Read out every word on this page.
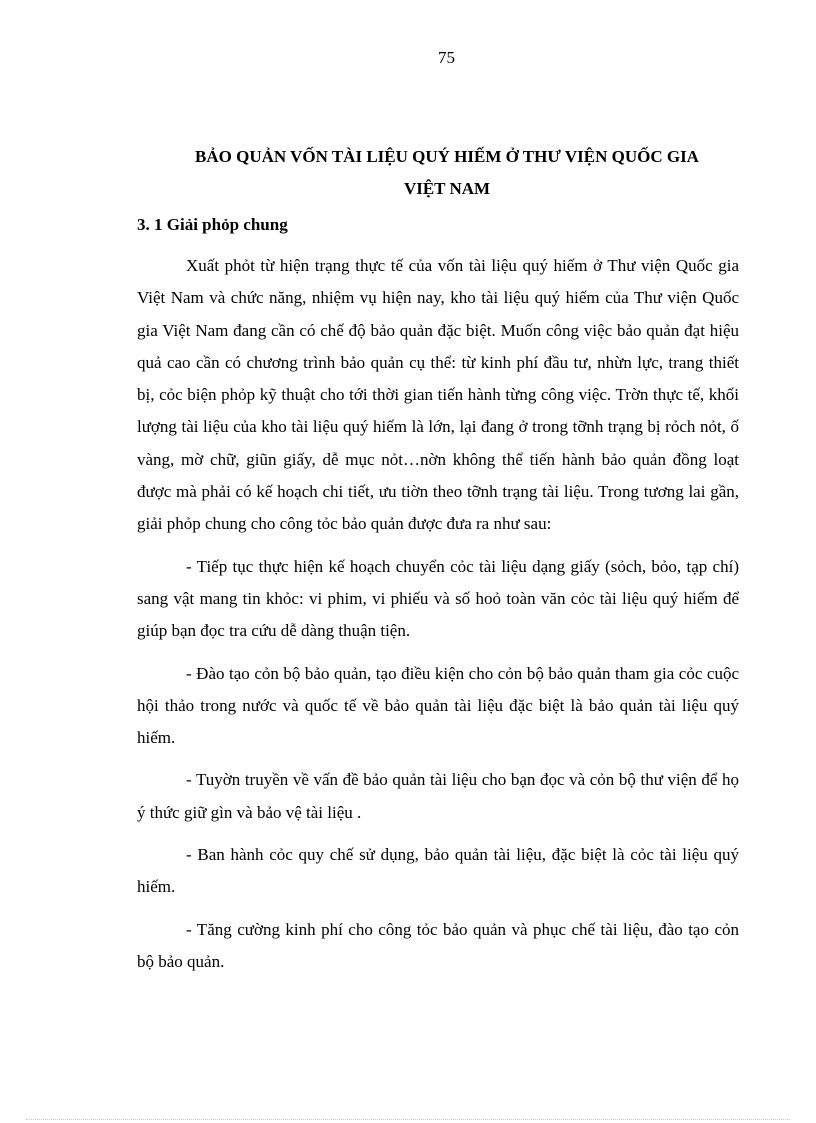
75
BẢO QUẢN VỐN TÀI LIỆU QUÝ HIẾM Ở THƯ VIỆN QUỐC GIA
VIỆT NAM
3. 1 Giải phỏp chung

Xuất phỏt từ hiện trạng thực tế của vốn tài liệu quý hiếm ở Thư viện Quốc gia Việt Nam và chức năng, nhiệm vụ hiện nay, kho tài liệu quý hiếm của Thư viện Quốc gia Việt Nam đang cần có chế độ bảo quản đặc biệt. Muốn công việc bảo quản đạt hiệu quả cao cần có chương trình bảo quản cụ thể: từ kinh phí đầu tư, nhừn lực, trang thiết bị, cỏc biện phỏp kỹ thuật cho tới thời gian tiến hành từng công việc. Trờn thực tế, khối lượng tài liệu của kho tài liệu quý hiếm là lớn, lại đang ở trong tỡnh trạng bị rỏch nỏt, ố vàng, mờ chữ, giũn giấy, dễ mục nỏt…nờn không thể tiến hành bảo quản đồng loạt được mà phải có kế hoạch chi tiết, ưu tiờn theo tỡnh trạng tài liệu. Trong tương lai gần, giải phỏp chung cho công tỏc bảo quản được đưa ra như sau:

- Tiếp tục thực hiện kế hoạch chuyển cỏc tài liệu dạng giấy (sỏch, bỏo, tạp chí) sang vật mang tin khỏc: vi phim, vi phiếu và số hoỏ toàn văn cỏc tài liệu quý hiếm để giúp bạn đọc tra cứu dễ dàng thuận tiện.

- Đào tạo cỏn bộ bảo quản, tạo điều kiện cho cỏn bộ bảo quản tham gia cỏc cuộc hội thảo trong nước và quốc tế về bảo quản tài liệu đặc biệt là bảo quản tài liệu quý hiếm.

- Tuyờn truyền về vấn đề bảo quản tài liệu cho bạn đọc và cỏn bộ thư viện để họ ý thức giữ gìn và bảo vệ tài liệu .

- Ban hành cỏc quy chế sử dụng, bảo quản tài liệu, đặc biệt là cỏc tài liệu quý hiếm.

- Tăng cường kinh phí cho công tỏc bảo quản và phục chế tài liệu, đào tạo cỏn bộ bảo quản.
